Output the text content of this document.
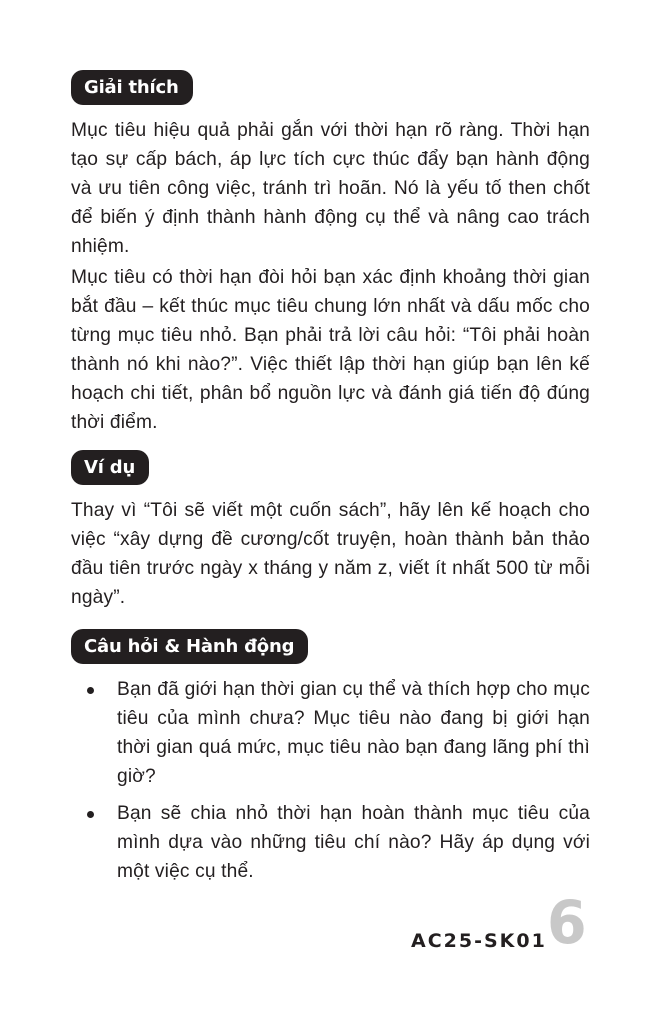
Giải thích

Mục tiêu hiệu quả phải gắn với thời hạn rõ ràng. Thời hạn tạo sự cấp bách, áp lực tích cực thúc đẩy bạn hành động và ưu tiên công việc, tránh trì hoãn. Nó là yếu tố then chốt để biến ý định thành hành động cụ thể và nâng cao trách nhiệm.

Mục tiêu có thời hạn đòi hỏi bạn xác định khoảng thời gian bắt đầu – kết thúc mục tiêu chung lớn nhất và dấu mốc cho từng mục tiêu nhỏ. Bạn phải trả lời câu hỏi: “Tôi phải hoàn thành nó khi nào?”. Việc thiết lập thời hạn giúp bạn lên kế hoạch chi tiết, phân bổ nguồn lực và đánh giá tiến độ đúng thời điểm.

Ví dụ

Thay vì “Tôi sẽ viết một cuốn sách”, hãy lên kế hoạch cho việc “xây dựng đề cương/cốt truyện, hoàn thành bản thảo đầu tiên trước ngày x tháng y năm z, viết ít nhất 500 từ mỗi ngày”.

Câu hỏi & Hành động
Bạn đã giới hạn thời gian cụ thể và thích hợp cho mục tiêu của mình chưa? Mục tiêu nào đang bị giới hạn thời gian quá mức, mục tiêu nào bạn đang lãng phí thì giờ?
Bạn sẽ chia nhỏ thời hạn hoàn thành mục tiêu của mình dựa vào những tiêu chí nào? Hãy áp dụng với một việc cụ thể.
AC25-SK01 6
